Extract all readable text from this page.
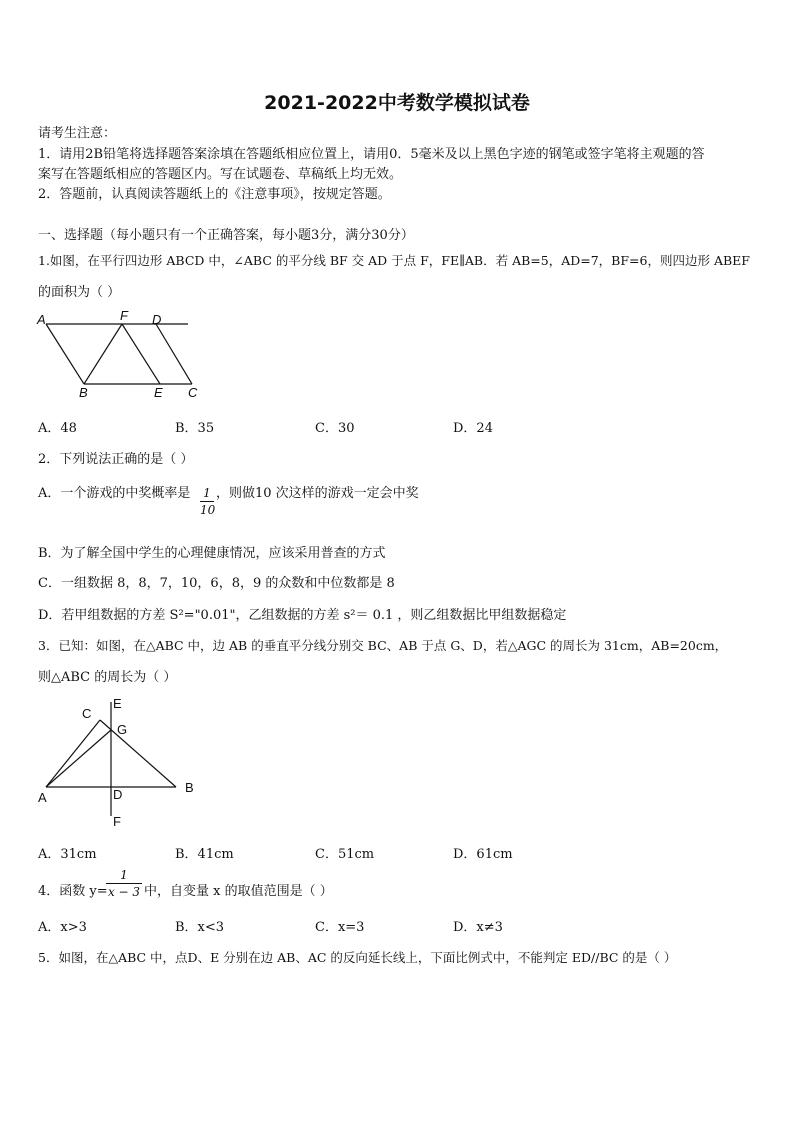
2021-2022中考数学模拟试卷
请考生注意：
1．请用2B铅笔将选择题答案涂填在答题纸相应位置上，请用0．5毫米及以上黑色字迹的钢笔或签字笔将主观题的答
案写在答题纸相应的答题区内。写在试题卷、草稿纸上均无效。
2．答题前，认真阅读答题纸上的《注意事项》，按规定答题。
一、选择题（每小题只有一个正确答案，每小题3分，满分30分）
1.如图，在平行四边形 ABCD 中，∠ABC 的平分线 BF 交 AD 于点 F，FE∥AB．若 AB=5，AD=7，BF=6，则四边形 ABEF
的面积为（ ）
A	F D
B	E C
A．48	B．35	C．30	D．24
2．下列说法正确的是（ ）
A．一个游戏的中奖概率是 1
10
，则做10 次这样的游戏一定会中奖
B．为了解全国中学生的心理健康情况，应该采用普查的方式
C．一组数据 8，8，7，10，6，8，9 的众数和中位数都是 8
D．若甲组数据的方差 S²="0.01"，乙组数据的方差 s²＝ 0.1 ，则乙组数据比甲组数据稳定
3．已知：如图，在△ABC 中，边 AB 的垂直平分线分别交 BC、AB 于点 G、D，若△AGC 的周长为 31cm，AB=20cm，
则△ABC 的周长为（ ）
C
E
G
A	D	B
F
A．31cm	B．41cm	C．51cm	D．61cm
4．函数 y=
1
x − 3 中，自变量 x 的取值范围是（ ）
A．x>3	B．x<3	C．x=3	D．x≠3
5．如图，在△ABC 中，点D、E 分别在边 AB、AC 的反向延长线上，下面比例式中，不能判定 ED//BC 的是（ ）
